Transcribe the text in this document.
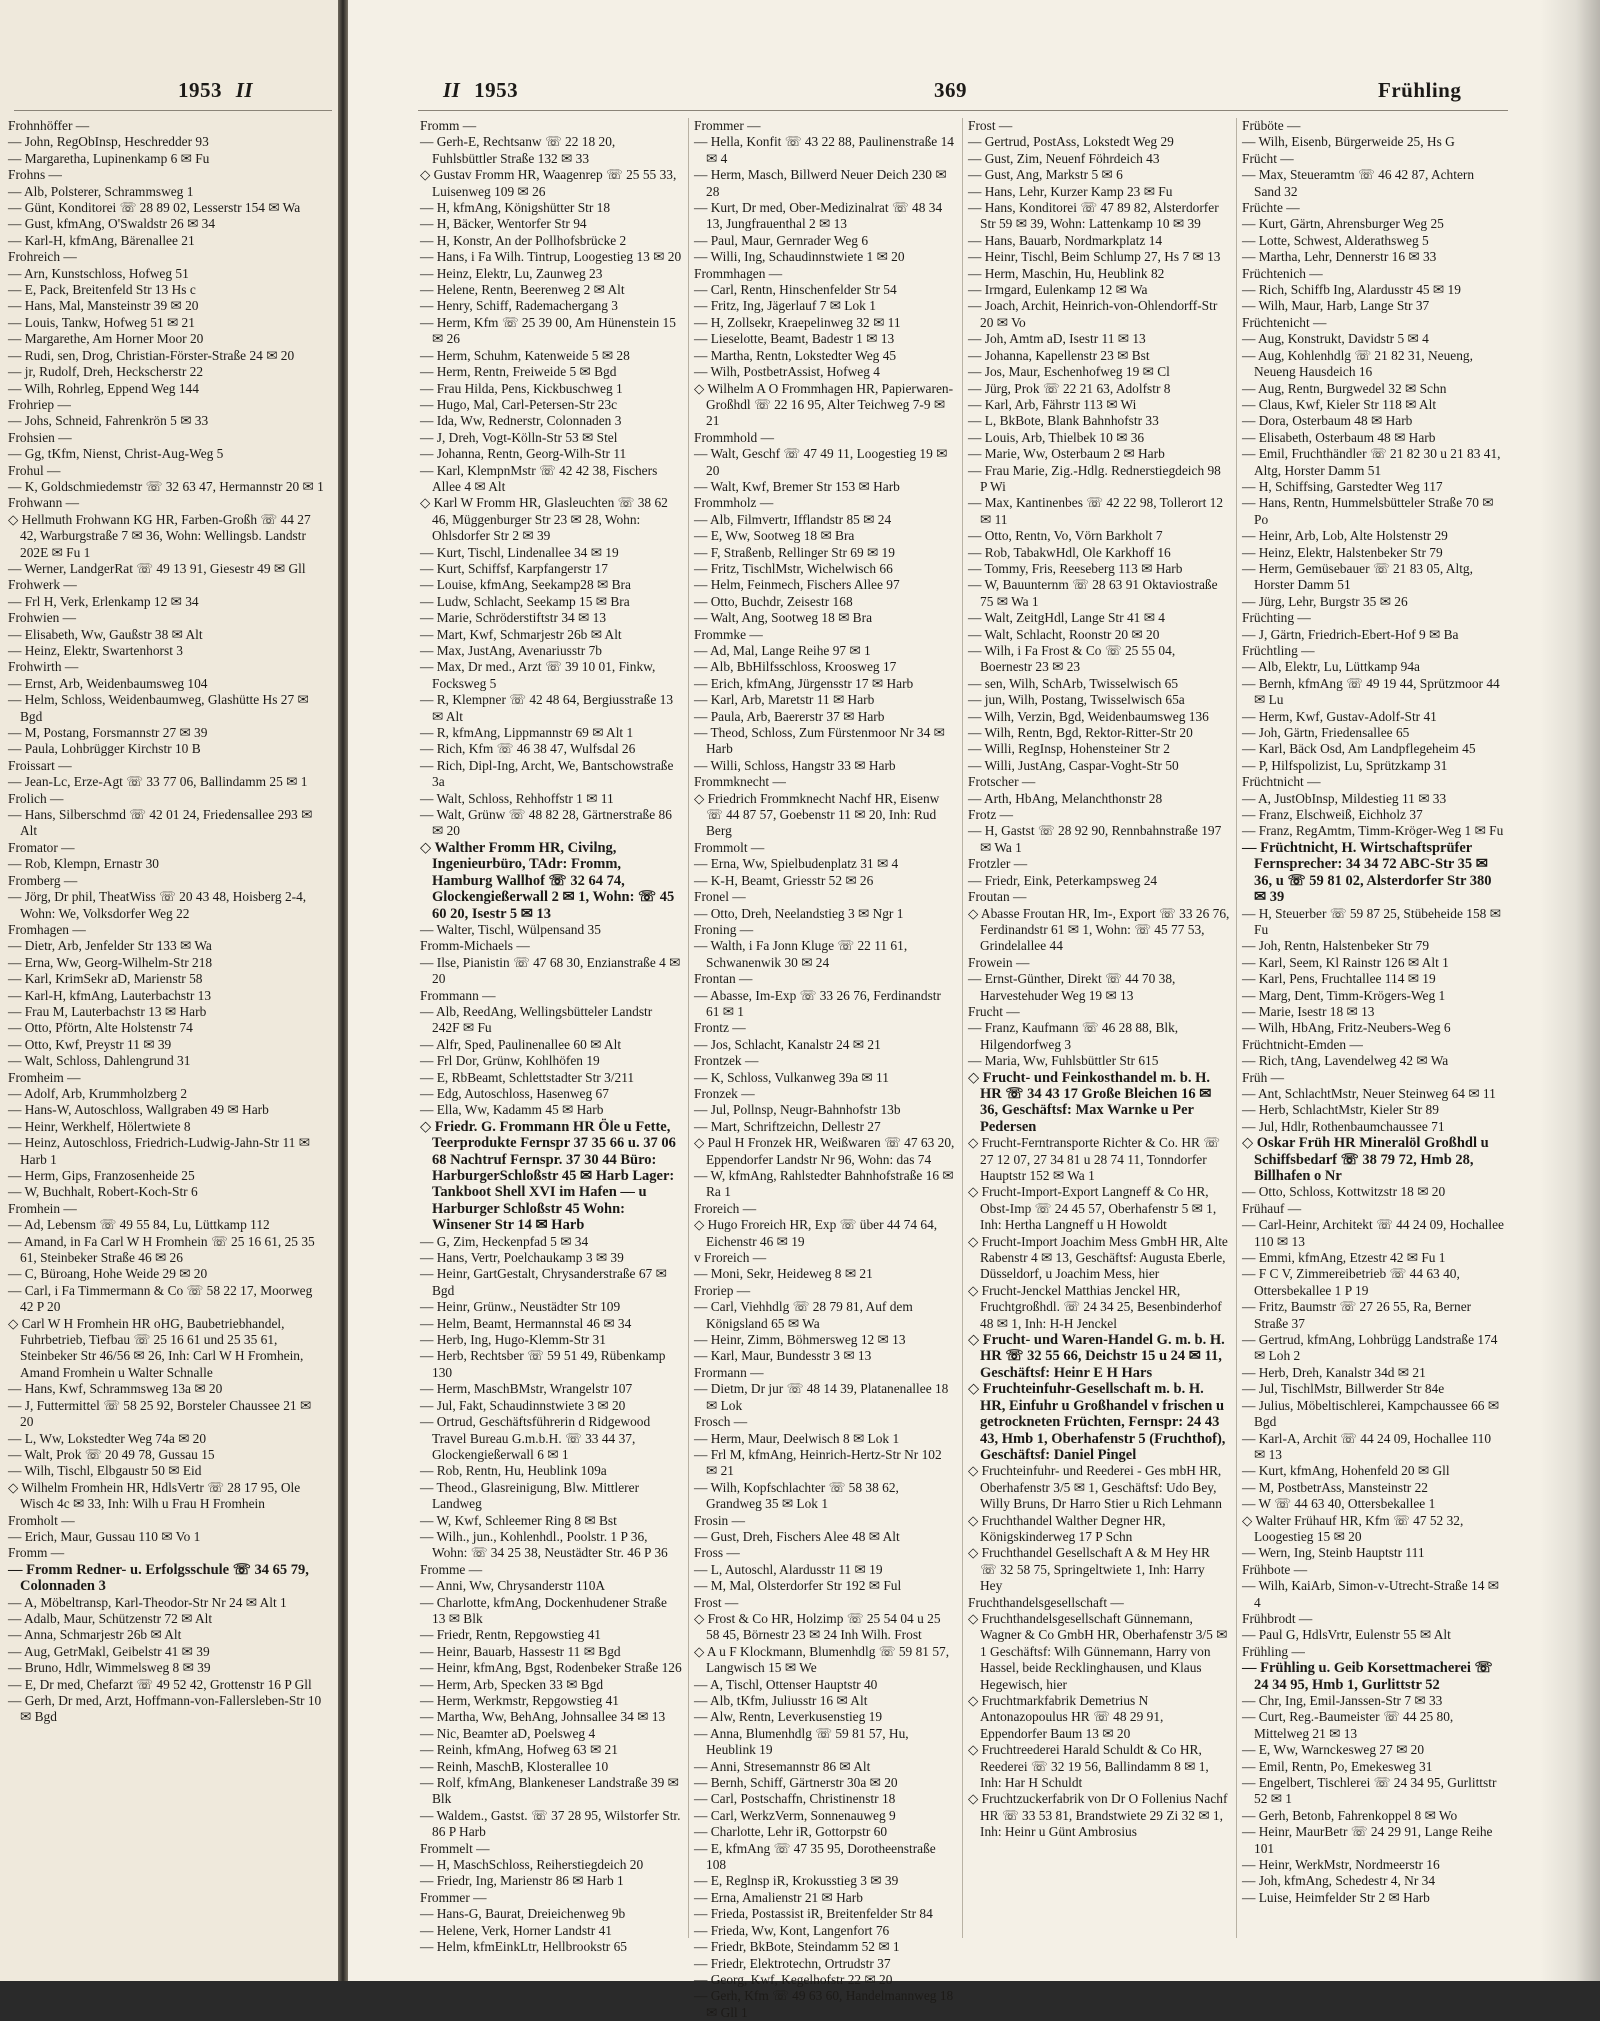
1953 II
Frohnhöffer —
— John, RegObInsp, Heschredder 93
— Margaretha, Lupinenkamp 6 ✉ Fu
Frohns —
— Alb, Polsterer, Schrammsweg 1
— Günt, Konditorei ☏ 28 89 02, Lesserstr 154 ✉ Wa
— Gust, kfmAng, O'Swaldstr 26 ✉ 34
— Karl-H, kfmAng, Bärenallee 21
Frohreich —
— Arn, Kunstschloss, Hofweg 51
— E, Pack, Breitenfeld Str 13 Hs c
— Hans, Mal, Mansteinstr 39 ✉ 20
— Louis, Tankw, Hofweg 51 ✉ 21
— Margarethe, Am Horner Moor 20
— Rudi, sen, Drog, Christian-Förster-Straße 24 ✉ 20
— jr, Rudolf, Dreh, Heckscherstr 22
— Wilh, Rohrleg, Eppend Weg 144
Frohriep —
— Johs, Schneid, Fahrenkrön 5 ✉ 33
Frohsien —
— Gg, tKfm, Nienst, Christ-Aug-Weg 5
Frohul —
— K, Goldschmiedemstr ☏ 32 63 47, Hermannstr 20 ✉ 1
Frohwann —
◇ Hellmuth Frohwann KG HR, Farben-Großh ☏ 44 27 42, Warburgstraße 7 ✉ 36, Wohn: Wellingsb. Landstr 202E ✉ Fu 1
— Werner, LandgerRat ☏ 49 13 91, Giesestr 49 ✉ Gll
Frohwerk —
— Frl H, Verk, Erlenkamp 12 ✉ 34
Frohwien —
— Elisabeth, Ww, Gaußstr 38 ✉ Alt
— Heinz, Elektr, Swartenhorst 3
Frohwirth —
— Ernst, Arb, Weidenbaumsweg 104
— Helm, Schloss, Weidenbaumweg, Glashütte Hs 27 ✉ Bgd
— M, Postang, Forsmannstr 27 ✉ 39
— Paula, Lohbrügger Kirchstr 10 B
Froissart —
— Jean-Lc, Erze-Agt ☏ 33 77 06, Ballindamm 25 ✉ 1
Frolich —
— Hans, Silberschmd ☏ 42 01 24, Friedensallee 293 ✉ Alt
Fromator —
— Rob, Klempn, Ernastr 30
Fromberg —
— Jörg, Dr phil, TheatWiss ☏ 20 43 48, Hoisberg 2-4, Wohn: We, Volksdorfer Weg 22
Fromhagen —
— Dietr, Arb, Jenfelder Str 133 ✉ Wa
— Erna, Ww, Georg-Wilhelm-Str 218
— Karl, KrimSekr aD, Marienstr 58
— Karl-H, kfmAng, Lauterbachstr 13
— Frau M, Lauterbachstr 13 ✉ Harb
— Otto, Pförtn, Alte Holstenstr 74
— Otto, Kwf, Preystr 11 ✉ 39
— Walt, Schloss, Dahlengrund 31
Fromheim —
— Adolf, Arb, Krummholzberg 2
— Hans-W, Autoschloss, Wallgraben 49 ✉ Harb
— Heinr, Werkhelf, Hölertwiete 8
— Heinz, Autoschloss, Friedrich-Ludwig-Jahn-Str 11 ✉ Harb 1
— Herm, Gips, Franzosenheide 25
— W, Buchhalt, Robert-Koch-Str 6
Fromhein —
— Ad, Lebensm ☏ 49 55 84, Lu, Lüttkamp 112
— Amand, in Fa Carl W H Fromhein ☏ 25 16 61, 25 35 61, Steinbeker Straße 46 ✉ 26
— C, Büroang, Hohe Weide 29 ✉ 20
— Carl, i Fa Timmermann & Co ☏ 58 22 17, Moorweg 42 P 20
◇ Carl W H Fromhein HR oHG, Baubetriebhandel, Fuhrbetrieb, Tiefbau ☏ 25 16 61 und 25 35 61, Steinbeker Str 46/56 ✉ 26, Inh: Carl W H Fromhein, Amand Fromhein u Walter Schnalle
— Hans, Kwf, Schrammsweg 13a ✉ 20
— J, Futtermittel ☏ 58 25 92, Borsteler Chaussee 21 ✉ 20
— L, Ww, Lokstedter Weg 74a ✉ 20
— Walt, Prok ☏ 20 49 78, Gussau 15
— Wilh, Tischl, Elbgaustr 50 ✉ Eid
◇ Wilhelm Fromhein HR, HdlsVertr ☏ 28 17 95, Ole Wisch 4c ✉ 33, Inh: Wilh u Frau H Fromhein
Fromholt —
— Erich, Maur, Gussau 110 ✉ Vo 1
Fromm —
— Fromm Redner- u. Erfolgsschule ☏ 34 65 79, Colonnaden 3
— A, Möbeltransp, Karl-Theodor-Str Nr 24 ✉ Alt 1
— Adalb, Maur, Schützenstr 72 ✉ Alt
— Anna, Schmarjestr 26b ✉ Alt
— Aug, GetrMakl, Geibelstr 41 ✉ 39
— Bruno, Hdlr, Wimmelsweg 8 ✉ 39
— E, Dr med, Chefarzt ☏ 49 52 42, Grottenstr 16 P Gll
— Gerh, Dr med, Arzt, Hoffmann-von-Fallersleben-Str 10 ✉ Bgd
II 1953	369	Frühling
Fromm —
— Gerh-E, Rechtsanw ☏ 22 18 20, Fuhlsbüttler Straße 132 ✉ 33
◇ Gustav Fromm HR, Waagenrep ☏ 25 55 33, Luisenweg 109 ✉ 26
— H, kfmAng, Königshütter Str 18
— H, Bäcker, Wentorfer Str 94
— H, Konstr, An der Pollhofsbrücke 2
— Hans, i Fa Wilh. Tintrup, Loogestieg 13 ✉ 20
— Heinz, Elektr, Lu, Zaunweg 23
— Helene, Rentn, Beerenweg 2 ✉ Alt
— Henry, Schiff, Rademachergang 3
— Herm, Kfm ☏ 25 39 00, Am Hünenstein 15 ✉ 26
— Herm, Schuhm, Katenweide 5 ✉ 28
— Herm, Rentn, Freiweide 5 ✉ Bgd
— Frau Hilda, Pens, Kickbuschweg 1
— Hugo, Mal, Carl-Petersen-Str 23c
— Ida, Ww, Rednerstr, Colonnaden 3
— J, Dreh, Vogt-Kölln-Str 53 ✉ Stel
— Johanna, Rentn, Georg-Wilh-Str 11
— Karl, KlempnMstr ☏ 42 42 38, Fischers Allee 4 ✉ Alt
◇ Karl W Fromm HR, Glasleuchten ☏ 38 62 46, Müggenburger Str 23 ✉ 28, Wohn: Ohlsdorfer Str 2 ✉ 39
— Kurt, Tischl, Lindenallee 34 ✉ 19
— Kurt, Schiffsf, Karpfangerstr 17
— Louise, kfmAng, Seekamp28 ✉ Bra
— Ludw, Schlacht, Seekamp 15 ✉ Bra
— Marie, Schröderstiftstr 34 ✉ 13
— Mart, Kwf, Schmarjestr 26b ✉ Alt
— Max, JustAng, Avenariusstr 7b
— Max, Dr med., Arzt ☏ 39 10 01, Finkw, Focksweg 5
— R, Klempner ☏ 42 48 64, Bergiusstraße 13 ✉ Alt
— R, kfmAng, Lippmannstr 69 ✉ Alt 1
— Rich, Kfm ☏ 46 38 47, Wulfsdal 26
— Rich, Dipl-Ing, Archt, We, Bantschowstraße 3a
— Walt, Schloss, Rehhoffstr 1 ✉ 11
— Walt, Grünw ☏ 48 82 28, Gärtnerstraße 86 ✉ 20
◇ Walther Fromm HR, Civilng, Ingenieurbüro, TAdr: Fromm, Hamburg Wallhof ☏ 32 64 74, Glockengießerwall 2 ✉ 1, Wohn: ☏ 45 60 20, Isestr 5 ✉ 13
— Walter, Tischl, Wülpensand 35
Fromm-Michaels —
— Ilse, Pianistin ☏ 47 68 30, Enzianstraße 4 ✉ 20
Frommann —
— Alb, ReedAng, Wellingsbütteler Landstr 242F ✉ Fu
— Alfr, Sped, Paulinenallee 60 ✉ Alt
— Frl Dor, Grünw, Kohlhöfen 19
— E, RbBeamt, Schlettstadter Str 3/211
— Edg, Autoschloss, Hasenweg 67
— Ella, Ww, Kadamm 45 ✉ Harb
◇ Friedr. G. Frommann HR Öle u Fette, Teerprodukte Fernspr 37 35 66 u. 37 06 68 Nachtruf Fernspr. 37 30 44 Büro: HarburgerSchloßstr 45 ✉ Harb Lager: Tankboot Shell XVI im Hafen — u Harburger Schloßstr 45 Wohn: Winsener Str 14 ✉ Harb
— G, Zim, Heckenpfad 5 ✉ 34
— Hans, Vertr, Poelchaukamp 3 ✉ 39
— Heinr, GartGestalt, Chrysanderstraße 67 ✉ Bgd
— Heinr, Grünw., Neustädter Str 109
— Helm, Beamt, Hermannstal 46 ✉ 34
— Herb, Ing, Hugo-Klemm-Str 31
— Herb, Rechtsber ☏ 59 51 49, Rübenkamp 130
— Herm, MaschBMstr, Wrangelstr 107
— Jul, Fakt, Schaudinnstwiete 3 ✉ 20
— Ortrud, Geschäftsführerin d Ridgewood Travel Bureau G.m.b.H. ☏ 33 44 37, Glockengießerwall 6 ✉ 1
— Rob, Rentn, Hu, Heublink 109a
— Theod., Glasreinigung, Blw. Mittlerer Landweg
— W, Kwf, Schleemer Ring 8 ✉ Bst
— Wilh., jun., Kohlenhdl., Poolstr. 1 P 36, Wohn: ☏ 34 25 38, Neustädter Str. 46 P 36
Fromme —
— Anni, Ww, Chrysanderstr 110A
— Charlotte, kfmAng, Dockenhudener Straße 13 ✉ Blk
— Friedr, Rentn, Repgowstieg 41
— Heinr, Bauarb, Hassestr 11 ✉ Bgd
— Heinr, kfmAng, Bgst, Rodenbeker Straße 126
— Herm, Arb, Specken 33 ✉ Bgd
— Herm, Werkmstr, Repgowstieg 41
— Martha, Ww, BehAng, Johnsallee 34 ✉ 13
— Nic, Beamter aD, Poelsweg 4
— Reinh, kfmAng, Hofweg 63 ✉ 21
— Reinh, MaschB, Klosterallee 10
— Rolf, kfmAng, Blankeneser Landstraße 39 ✉ Blk
— Waldem., Gastst. ☏ 37 28 95, Wilstorfer Str. 86 P Harb
Frommelt —
— H, MaschSchloss, Reiherstiegdeich 20
— Friedr, Ing, Marienstr 86 ✉ Harb 1
Frommer —
— Hans-G, Baurat, Dreieichenweg 9b
— Helene, Verk, Horner Landstr 41
— Helm, kfmEinkLtr, Hellbrookstr 65
Frommer —
— Hella, Konfit ☏ 43 22 88, Paulinenstraße 14 ✉ 4
— Herm, Masch, Billwerd Neuer Deich 230 ✉ 28
— Kurt, Dr med, Ober-Medizinalrat ☏ 48 34 13, Jungfrauenthal 2 ✉ 13
— Paul, Maur, Gernrader Weg 6
— Willi, Ing, Schaudinnstwiete 1 ✉ 20
Frommhagen —
— Carl, Rentn, Hinschenfelder Str 54
— Fritz, Ing, Jägerlauf 7 ✉ Lok 1
— H, Zollsekr, Kraepelinweg 32 ✉ 11
— Lieselotte, Beamt, Badestr 1 ✉ 13
— Martha, Rentn, Lokstedter Weg 45
— Wilh, PostbetrAssist, Hofweg 4
◇ Wilhelm A O Frommhagen HR, Papierwaren-Großhdl ☏ 22 16 95, Alter Teichweg 7-9 ✉ 21
Frommhold —
— Walt, Geschf ☏ 47 49 11, Loogestieg 19 ✉ 20
— Walt, Kwf, Bremer Str 153 ✉ Harb
Frommholz —
— Alb, Filmvertr, Ifflandstr 85 ✉ 24
— E, Ww, Sootweg 18 ✉ Bra
— F, Straßenb, Rellinger Str 69 ✉ 19
— Fritz, TischlMstr, Wichelwisch 66
— Helm, Feinmech, Fischers Allee 97
— Otto, Buchdr, Zeisestr 168
— Walt, Ang, Sootweg 18 ✉ Bra
Frommke —
— Ad, Mal, Lange Reihe 97 ✉ 1
— Alb, BbHilfsschloss, Kroosweg 17
— Erich, kfmAng, Jürgensstr 17 ✉ Harb
— Karl, Arb, Maretstr 11 ✉ Harb
— Paula, Arb, Baererstr 37 ✉ Harb
— Theod, Schloss, Zum Fürstenmoor Nr 34 ✉ Harb
— Willi, Schloss, Hangstr 33 ✉ Harb
Frommknecht —
◇ Friedrich Frommknecht Nachf HR, Eisenw ☏ 44 87 57, Goebenstr 11 ✉ 20, Inh: Rud Berg
Frommolt —
— Erna, Ww, Spielbudenplatz 31 ✉ 4
— K-H, Beamt, Griesstr 52 ✉ 26
Fronel —
— Otto, Dreh, Neelandstieg 3 ✉ Ngr 1
Froning —
— Walth, i Fa Jonn Kluge ☏ 22 11 61, Schwanenwik 30 ✉ 24
Frontan —
— Abasse, Im-Exp ☏ 33 26 76, Ferdinandstr 61 ✉ 1
Frontz —
— Jos, Schlacht, Kanalstr 24 ✉ 21
Frontzek —
— K, Schloss, Vulkanweg 39a ✉ 11
Fronzek —
— Jul, Pollnsp, Neugr-Bahnhofstr 13b
— Mart, Schriftzeichn, Dellestr 27
◇ Paul H Fronzek HR, Weißwaren ☏ 47 63 20, Eppendorfer Landstr Nr 96, Wohn: das 74
— W, kfmAng, Rahlstedter Bahnhofstraße 16 ✉ Ra 1
Froreich —
◇ Hugo Froreich HR, Exp ☏ über 44 74 64, Eichenstr 46 ✉ 19
v Froreich —
— Moni, Sekr, Heideweg 8 ✉ 21
Froriep —
— Carl, Viehhdlg ☏ 28 79 81, Auf dem Königsland 65 ✉ Wa
— Heinr, Zimm, Böhmersweg 12 ✉ 13
— Karl, Maur, Bundesstr 3 ✉ 13
Frormann —
— Dietm, Dr jur ☏ 48 14 39, Platanenallee 18 ✉ Lok
Frosch —
— Herm, Maur, Deelwisch 8 ✉ Lok 1
— Frl M, kfmAng, Heinrich-Hertz-Str Nr 102 ✉ 21
— Wilh, Kopfschlachter ☏ 58 38 62, Grandweg 35 ✉ Lok 1
Frosin —
— Gust, Dreh, Fischers Alee 48 ✉ Alt
Fross —
— L, Autoschl, Alardusstr 11 ✉ 19
— M, Mal, Olsterdorfer Str 192 ✉ Ful
Frost —
◇ Frost & Co HR, Holzimp ☏ 25 54 04 u 25 58 45, Börnestr 23 ✉ 24 Inh Wilh. Frost
◇ A u F Klockmann, Blumenhdlg ☏ 59 81 57, Langwisch 15 ✉ We
— A, Tischl, Ottenser Hauptstr 40
— Alb, tKfm, Juliusstr 16 ✉ Alt
— Alw, Rentn, Leverkusenstieg 19
— Anna, Blumenhdlg ☏ 59 81 57, Hu, Heublink 19
— Anni, Stresemannstr 86 ✉ Alt
— Bernh, Schiff, Gärtnerstr 30a ✉ 20
— Carl, Postschaffn, Christinenstr 18
— Carl, WerkzVerm, Sonnenauweg 9
— Charlotte, Lehr iR, Gottorpstr 60
— E, kfmAng ☏ 47 35 95, Dorotheenstraße 108
— E, Reglnsp iR, Krokusstieg 3 ✉ 39
— Erna, Amalienstr 21 ✉ Harb
— Frieda, Postassist iR, Breitenfelder Str 84
— Frieda, Ww, Kont, Langenfort 76
— Friedr, BkBote, Steindamm 52 ✉ 1
— Friedr, Elektrotechn, Ortrudstr 37
— Georg, Kwf, Kegelhofstr 22 ✉ 20
— Gerh, Kfm ☏ 49 63 60, Handelmannweg 18 ✉ Gll 1
Frost —
— Gertrud, PostAss, Lokstedt Weg 29
— Gust, Zim, Neuenf Föhrdeich 43
— Gust, Ang, Markstr 5 ✉ 6
— Hans, Lehr, Kurzer Kamp 23 ✉ Fu
— Hans, Konditorei ☏ 47 89 82, Alsterdorfer Str 59 ✉ 39, Wohn: Lattenkamp 10 ✉ 39
— Hans, Bauarb, Nordmarkplatz 14
— Heinr, Tischl, Beim Schlump 27, Hs 7 ✉ 13
— Herm, Maschin, Hu, Heublink 82
— Irmgard, Eulenkamp 12 ✉ Wa
— Joach, Archit, Heinrich-von-Ohlendorff-Str 20 ✉ Vo
— Joh, Amtm aD, Isestr 11 ✉ 13
— Johanna, Kapellenstr 23 ✉ Bst
— Jos, Maur, Eschenhofweg 19 ✉ Cl
— Jürg, Prok ☏ 22 21 63, Adolfstr 8
— Karl, Arb, Fährstr 113 ✉ Wi
— L, BkBote, Blank Bahnhofstr 33
— Louis, Arb, Thielbek 10 ✉ 36
— Marie, Ww, Osterbaum 2 ✉ Harb
— Frau Marie, Zig.-Hdlg. Rednerstiegdeich 98 P Wi
— Max, Kantinenbes ☏ 42 22 98, Tollerort 12 ✉ 11
— Otto, Rentn, Vo, Vörn Barkholt 7
— Rob, TabakwHdl, Ole Karkhoff 16
— Tommy, Fris, Reeseberg 113 ✉ Harb
— W, Bauunternm ☏ 28 63 91 Oktaviostraße 75 ✉ Wa 1
— Walt, ZeitgHdl, Lange Str 41 ✉ 4
— Walt, Schlacht, Roonstr 20 ✉ 20
— Wilh, i Fa Frost & Co ☏ 25 55 04, Boernestr 23 ✉ 23
— sen, Wilh, SchArb, Twisselwisch 65
— jun, Wilh, Postang, Twisselwisch 65a
— Wilh, Verzin, Bgd, Weidenbaumsweg 136
— Wilh, Rentn, Bgd, Rektor-Ritter-Str 20
— Willi, RegInsp, Hohensteiner Str 2
— Willi, JustAng, Caspar-Voght-Str 50
Frotscher —
— Arth, HbAng, Melanchthonstr 28
Frotz —
— H, Gastst ☏ 28 92 90, Rennbahnstraße 197 ✉ Wa 1
Frotzler —
— Friedr, Eink, Peterkampsweg 24
Froutan —
◇ Abasse Froutan HR, Im-, Export ☏ 33 26 76, Ferdinandstr 61 ✉ 1, Wohn: ☏ 45 77 53, Grindelallee 44
Frowein —
— Ernst-Günther, Direkt ☏ 44 70 38, Harvestehuder Weg 19 ✉ 13
Frucht —
— Franz, Kaufmann ☏ 46 28 88, Blk, Hilgendorfweg 3
— Maria, Ww, Fuhlsbüttler Str 615
◇ Frucht- und Feinkosthandel m. b. H. HR ☏ 34 43 17 Große Bleichen 16 ✉ 36, Geschäftsf: Max Warnke u Per Pedersen
◇ Frucht-Ferntransporte Richter & Co. HR ☏ 27 12 07, 27 34 81 u 28 74 11, Tonndorfer Hauptstr 152 ✉ Wa 1
◇ Frucht-Import-Export Langneff & Co HR, Obst-Imp ☏ 24 45 57, Oberhafenstr 5 ✉ 1, Inh: Hertha Langneff u H Howoldt
◇ Frucht-Import Joachim Mess GmbH HR, Alte Rabenstr 4 ✉ 13, Geschäftsf: Augusta Eberle, Düsseldorf, u Joachim Mess, hier
◇ Frucht-Jenckel Matthias Jenckel HR, Fruchtgroßhdl. ☏ 24 34 25, Besenbinderhof 48 ✉ 1, Inh: H-H Jenckel
◇ Frucht- und Waren-Handel G. m. b. H. HR ☏ 32 55 66, Deichstr 15 u 24 ✉ 11, Geschäftsf: Heinr E H Hars
◇ Fruchteinfuhr-Gesellschaft m. b. H. HR, Einfuhr u Großhandel v frischen u getrockneten Früchten, Fernspr: 24 43 43, Hmb 1, Oberhafenstr 5 (Fruchthof), Geschäftsf: Daniel Pingel
◇ Fruchteinfuhr- und Reederei - Ges mbH HR, Oberhafenstr 3/5 ✉ 1, Geschäftsf: Udo Bey, Willy Bruns, Dr Harro Stier u Rich Lehmann
◇ Fruchthandel Walther Degner HR, Königskinderweg 17 P Schn
◇ Fruchthandel Gesellschaft A & M Hey HR ☏ 32 58 75, Springeltwiete 1, Inh: Harry Hey
Fruchthandelsgesellschaft —
◇ Fruchthandelsgesellschaft Günnemann, Wagner & Co GmbH HR, Oberhafenstr 3/5 ✉ 1 Geschäftsf: Wilh Günnemann, Harry von Hassel, beide Recklinghausen, und Klaus Hegewisch, hier
◇ Fruchtmarkfabrik Demetrius N Antonazopoulus HR ☏ 48 29 91, Eppendorfer Baum 13 ✉ 20
◇ Fruchtreederei Harald Schuldt & Co HR, Reederei ☏ 32 19 56, Ballindamm 8 ✉ 1, Inh: Har H Schuldt
◇ Fruchtzuckerfabrik von Dr O Follenius Nachf HR ☏ 33 53 81, Brandstwiete 29 Zi 32 ✉ 1, Inh: Heinr u Günt Ambrosius
Früböte —
— Wilh, Eisenb, Bürgerweide 25, Hs G
Frücht —
— Max, Steueramtm ☏ 46 42 87, Achtern Sand 32
Früchte —
— Kurt, Gärtn, Ahrensburger Weg 25
— Lotte, Schwest, Alderathsweg 5
— Martha, Lehr, Dennerstr 16 ✉ 33
Früchtenich —
— Rich, Schiffb Ing, Alardusstr 45 ✉ 19
— Wilh, Maur, Harb, Lange Str 37
Früchtenicht —
— Aug, Konstrukt, Davidstr 5 ✉ 4
— Aug, Kohlenhdlg ☏ 21 82 31, Neueng, Neueng Hausdeich 16
— Aug, Rentn, Burgwedel 32 ✉ Schn
— Claus, Kwf, Kieler Str 118 ✉ Alt
— Dora, Osterbaum 48 ✉ Harb
— Elisabeth, Osterbaum 48 ✉ Harb
— Emil, Fruchthändler ☏ 21 82 30 u 21 83 41, Altg, Horster Damm 51
— H, Schiffsing, Garstedter Weg 117
— Hans, Rentn, Hummelsbütteler Straße 70 ✉ Po
— Heinr, Arb, Lob, Alte Holstenstr 29
— Heinz, Elektr, Halstenbeker Str 79
— Herm, Gemüsebauer ☏ 21 83 05, Altg, Horster Damm 51
— Jürg, Lehr, Burgstr 35 ✉ 26
Früchting —
— J, Gärtn, Friedrich-Ebert-Hof 9 ✉ Ba
Früchtling —
— Alb, Elektr, Lu, Lüttkamp 94a
— Bernh, kfmAng ☏ 49 19 44, Sprützmoor 44 ✉ Lu
— Herm, Kwf, Gustav-Adolf-Str 41
— Joh, Gärtn, Friedensallee 65
— Karl, Bäck Osd, Am Landpflegeheim 45
— P, Hilfspolizist, Lu, Sprützkamp 31
Früchtnicht —
— A, JustObInsp, Mildestieg 11 ✉ 33
— Franz, Elschweiß, Eichholz 37
— Franz, RegAmtm, Timm-Kröger-Weg 1 ✉ Fu
— Früchtnicht, H. Wirtschaftsprüfer Fernsprecher: 34 34 72 ABC-Str 35 ✉ 36, u ☏ 59 81 02, Alsterdorfer Str 380 ✉ 39
— H, Steuerber ☏ 59 87 25, Stübeheide 158 ✉ Fu
— Joh, Rentn, Halstenbeker Str 79
— Karl, Seem, Kl Rainstr 126 ✉ Alt 1
— Karl, Pens, Fruchtallee 114 ✉ 19
— Marg, Dent, Timm-Krögers-Weg 1
— Marie, Isestr 18 ✉ 13
— Wilh, HbAng, Fritz-Neubers-Weg 6
Früchtnicht-Emden —
— Rich, tAng, Lavendelweg 42 ✉ Wa
Früh —
— Ant, SchlachtMstr, Neuer Steinweg 64 ✉ 11
— Herb, SchlachtMstr, Kieler Str 89
— Jul, Hdlr, Rothenbaumchaussee 71
◇ Oskar Früh HR Mineralöl Großhdl u Schiffsbedarf ☏ 38 79 72, Hmb 28, Billhafen o Nr
— Otto, Schloss, Kottwitzstr 18 ✉ 20
Frühauf —
— Carl-Heinr, Architekt ☏ 44 24 09, Hochallee 110 ✉ 13
— Emmi, kfmAng, Etzestr 42 ✉ Fu 1
— F C V, Zimmereibetrieb ☏ 44 63 40, Ottersbekallee 1 P 19
— Fritz, Baumstr ☏ 27 26 55, Ra, Berner Straße 37
— Gertrud, kfmAng, Lohbrügg Landstraße 174 ✉ Loh 2
— Herb, Dreh, Kanalstr 34d ✉ 21
— Jul, TischlMstr, Billwerder Str 84e
— Julius, Möbeltischlerei, Kampchaussee 66 ✉ Bgd
— Karl-A, Archit ☏ 44 24 09, Hochallee 110 ✉ 13
— Kurt, kfmAng, Hohenfeld 20 ✉ Gll
— M, PostbetrAss, Mansteinstr 22
— W ☏ 44 63 40, Ottersbekallee 1
◇ Walter Frühauf HR, Kfm ☏ 47 52 32, Loogestieg 15 ✉ 20
— Wern, Ing, Steinb Hauptstr 111
Frühbote —
— Wilh, KaiArb, Simon-v-Utrecht-Straße 14 ✉ 4
Frühbrodt —
— Paul G, HdlsVrtr, Eulenstr 55 ✉ Alt
Frühling —
— Frühling u. Geib Korsettmacherei ☏ 24 34 95, Hmb 1, Gurlittstr 52
— Chr, Ing, Emil-Janssen-Str 7 ✉ 33
— Curt, Reg.-Baumeister ☏ 44 25 80, Mittelweg 21 ✉ 13
— E, Ww, Warnckesweg 27 ✉ 20
— Emil, Rentn, Po, Emekesweg 31
— Engelbert, Tischlerei ☏ 24 34 95, Gurlittstr 52 ✉ 1
— Gerh, Betonb, Fahrenkoppel 8 ✉ Wo
— Heinr, MaurBetr ☏ 24 29 91, Lange Reihe 101
— Heinr, WerkMstr, Nordmeerstr 16
— Joh, kfmAng, Schedestr 4, Nr 34
— Luise, Heimfelder Str 2 ✉ Harb
